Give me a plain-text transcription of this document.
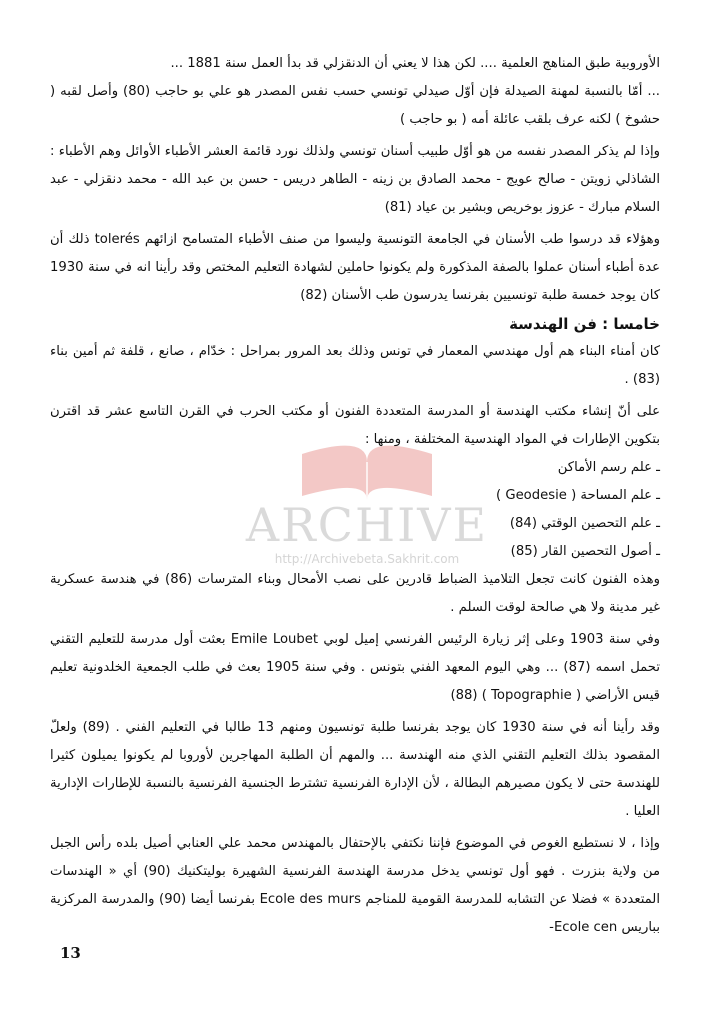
الأوروبية طبق المناهج العلمية .... لكن هذا لا يعني أن الدنقزلي قد بدأ العمل سنة 1881 ...

... أمّا بالنسبة لمهنة الصيدلة فإن أوّل صيدلي تونسي حسب نفس المصدر هو علي بو حاجب (80) وأصل لقبه ( حشوخ ) لكنه عرف بلقب عائلة أمه ( بو حاجب )

وإذا لم يذكر المصدر نفسه من هو أوّل طبيب أسنان تونسي ولذلك نورد قائمة العشر الأطباء الأوائل وهم الأطباء : الشاذلي زويتن - صالح عويج - محمد الصادق بن زينه - الطاهر دريس - حسن بن عبد الله - محمد دنقزلي - عبد السلام مبارك - عزوز بوخريص وبشير بن عياد (81)

وهؤلاء قد درسوا طب الأسنان في الجامعة التونسية وليسوا من صنف الأطباء المتسامح ازائهم tolerés ذلك أن عدة أطباء أسنان عملوا بالصفة المذكورة ولم يكونوا حاملين لشهادة التعليم المختص وقد رأينا انه في سنة 1930 كان يوجد خمسة طلبة تونسيين بفرنسا يدرسون طب الأسنان (82)

خامسا : فن الهندسة

كان أمناء البناء هم أول مهندسي المعمار في تونس وذلك بعد المرور بمراحل : خدّام ، صانع ، قلفة ثم أمين بناء (83) .

على أنّ إنشاء مكتب الهندسة أو المدرسة المتعددة الفنون أو مكتب الحرب في القرن التاسع عشر قد اقترن بتكوين الإطارات في المواد الهندسية المختلفة ، ومنها :

ـ علم رسم الأماكن

ـ علم المساحة ( Geodesie )

ـ علم التحصين الوقتي (84)

ـ أصول التحصين القار (85)

وهذه الفنون كانت تجعل التلاميذ الضباط قادرين على نصب الأمحال وبناء المترسات (86) في هندسة عسكرية غير مدينة ولا هي صالحة لوقت السلم .

وفي سنة 1903 وعلى إثر زيارة الرئيس الفرنسي إميل لوبي Emile Loubet بعثت أول مدرسة للتعليم التقني تحمل اسمه (87) ... وهي اليوم المعهد الفني بتونس . وفي سنة 1905 بعث في طلب الجمعية الخلدونية تعليم قيس الأراضي ( Topographie ) (88)

وقد رأينا أنه في سنة 1930 كان يوجد بفرنسا طلبة تونسيون ومنهم 13 طالبا في التعليم الفني . (89) ولعلّ المقصود بذلك التعليم التقني الذي منه الهندسة ... والمهم أن الطلبة المهاجرين لأوروبا لم يكونوا يميلون كثيرا للهندسة حتى لا يكون مصيرهم البطالة ، لأن الإدارة الفرنسية تشترط الجنسية الفرنسية بالنسبة للإطارات الإدارية العليا .

وإذا ، لا نستطيع الغوص في الموضوع فإننا نكتفي بالإحتفال بالمهندس محمد علي العنابي أصيل بلده رأس الجبل من ولاية بنزرت . فهو أول تونسي يدخل مدرسة الهندسة الفرنسية الشهيرة بوليتكنيك (90) أي « الهندسات المتعددة » فضلا عن التشابه للمدرسة القومية للمناجم Ecole des murs بفرنسا أيضا (90) والمدرسة المركزية بباريس Ecole cen-

13
ARCHIVE
http://Archivebeta.Sakhrit.com
